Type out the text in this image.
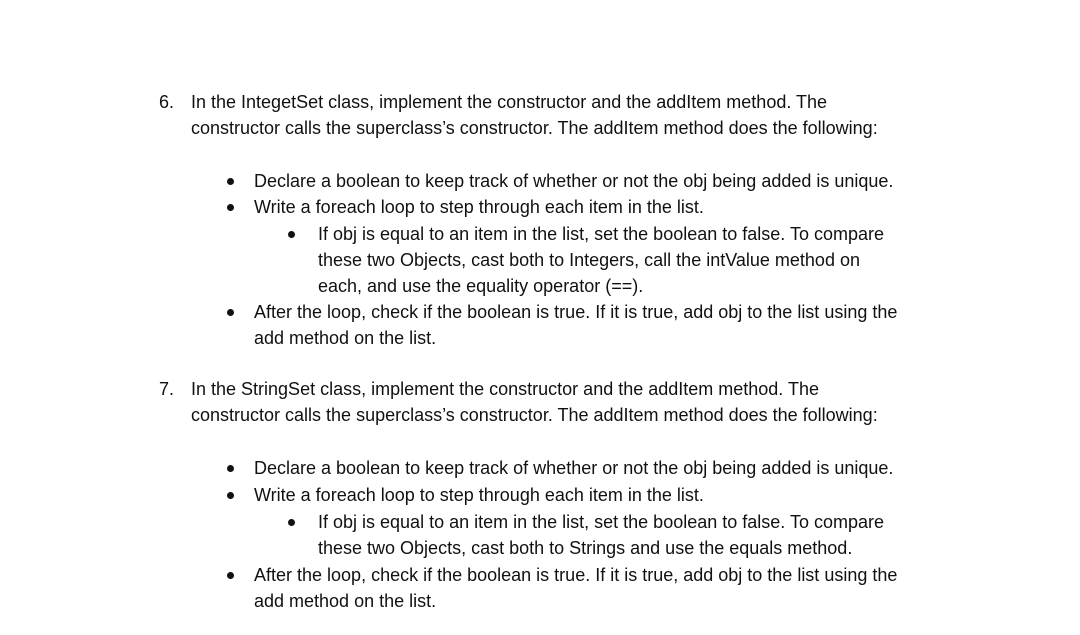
6. In the IntegetSet class, implement the constructor and the addItem method. The

constructor calls the superclass’s constructor. The addItem method does the following:

Declare a boolean to keep track of whether or not the obj being added is unique.

Write a foreach loop to step through each item in the list.

If obj is equal to an item in the list, set the boolean to false. To compare

these two Objects, cast both to Integers, call the intValue method on

each, and use the equality operator (==).

After the loop, check if the boolean is true. If it is true, add obj to the list using the

add method on the list.

7. In the StringSet class, implement the constructor and the addItem method. The

constructor calls the superclass’s constructor. The addItem method does the following:

Declare a boolean to keep track of whether or not the obj being added is unique.

Write a foreach loop to step through each item in the list.

If obj is equal to an item in the list, set the boolean to false. To compare

these two Objects, cast both to Strings and use the equals method.

After the loop, check if the boolean is true. If it is true, add obj to the list using the

add method on the list.
